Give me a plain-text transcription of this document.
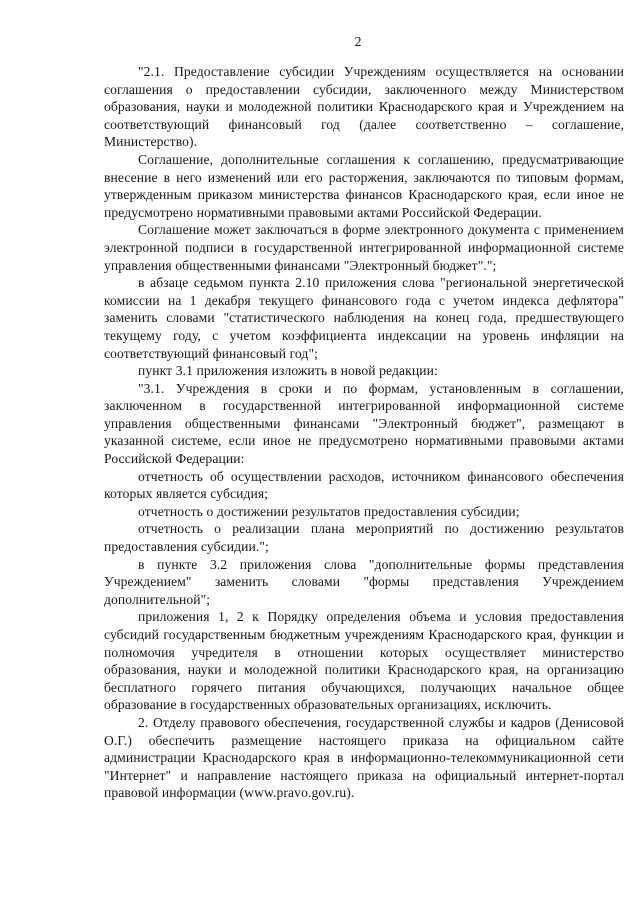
2

"2.1. Предоставление субсидии Учреждениям осуществляется на основании соглашения о предоставлении субсидии, заключенного между Министерством образования, науки и молодежной политики Краснодарского края и Учреждением на соответствующий финансовый год (далее соответственно – соглашение, Министерство).

Соглашение, дополнительные соглашения к соглашению, предусматривающие внесение в него изменений или его расторжения, заключаются по типовым формам, утвержденным приказом министерства финансов Краснодарского края, если иное не предусмотрено нормативными правовыми актами Российской Федерации.

Соглашение может заключаться в форме электронного документа с применением электронной подписи в государственной интегрированной информационной системе управления общественными финансами "Электронный бюджет".";

в абзаце седьмом пункта 2.10 приложения слова "региональной энергетической комиссии на 1 декабря текущего финансового года с учетом индекса дефлятора" заменить словами "статистического наблюдения на конец года, предшествующего текущему году, с учетом коэффициента индексации на уровень инфляции на соответствующий финансовый год";

пункт 3.1 приложения изложить в новой редакции:

"3.1. Учреждения в сроки и по формам, установленным в соглашении, заключенном в государственной интегрированной информационной системе управления общественными финансами "Электронный бюджет", размещают в указанной системе, если иное не предусмотрено нормативными правовыми актами Российской Федерации:

отчетность об осуществлении расходов, источником финансового обеспечения которых является субсидия;

отчетность о достижении результатов предоставления субсидии;

отчетность о реализации плана мероприятий по достижению результатов предоставления субсидии.";

в пункте 3.2 приложения слова "дополнительные формы представления Учреждением" заменить словами "формы представления Учреждением дополнительной";

приложения 1, 2 к Порядку определения объема и условия предоставления субсидий государственным бюджетным учреждениям Краснодарского края, функции и полномочия учредителя в отношении которых осуществляет министерство образования, науки и молодежной политики Краснодарского края, на организацию бесплатного горячего питания обучающихся, получающих начальное общее образование в государственных образовательных организациях, исключить.

2. Отделу правового обеспечения, государственной службы и кадров (Денисовой О.Г.) обеспечить размещение настоящего приказа на официальном сайте администрации Краснодарского края в информационно-телекоммуникационной сети "Интернет" и направление настоящего приказа на официальный интернет-портал правовой информации (www.pravo.gov.ru).
